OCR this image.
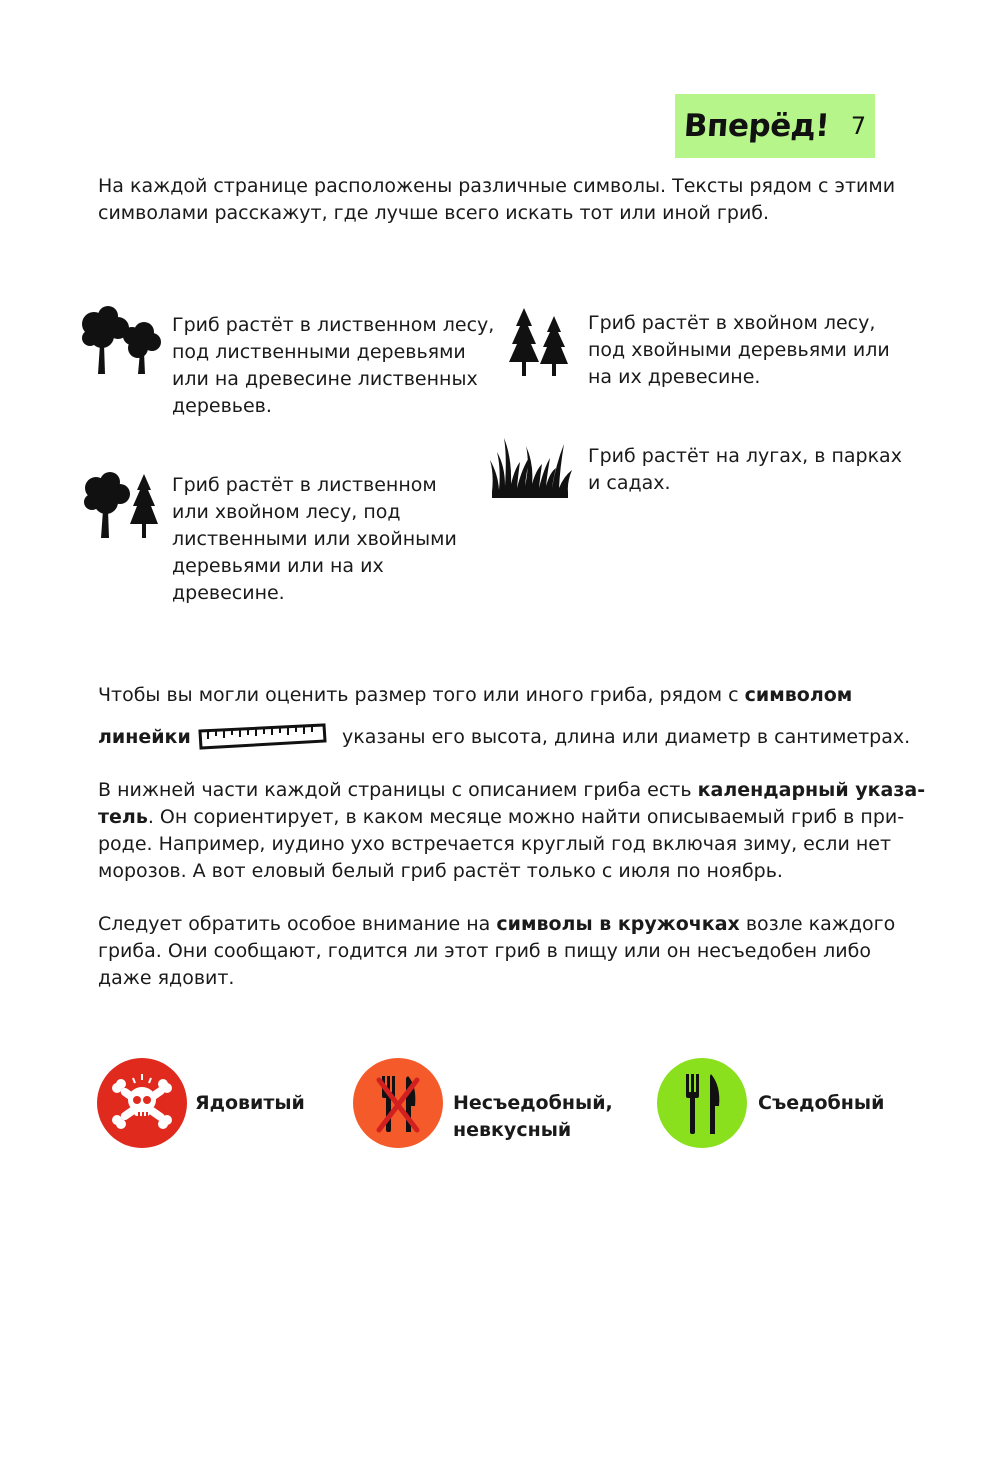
Вперёд! 7
На каждой странице расположены различные символы. Тексты рядом с этими
символами расскажут, где лучше всего искать тот или иной гриб.
Гриб растёт в лиственном лесу,
под лиственными деревьями
или на древесине лиственных
деревьев.
Гриб растёт в хвойном лесу,
под хвойными деревьями или
на их древесине.
Гриб растёт на лугах, в парках
и садах.
Гриб растёт в лиственном
или хвойном лесу, под
лиственными или хвойными
деревьями или на их
древесине.
Чтобы вы могли оценить размер того или иного гриба, рядом с символом
линейки	указаны его высота, длина или диаметр в сантиметрах.
В нижней части каждой страницы с описанием гриба есть календарный указа-
тель. Он сориентирует, в каком месяце можно найти описываемый гриб в при-
роде. Например, иудино ухо встречается круглый год включая зиму, если нет
морозов. А вот еловый белый гриб растёт только с июля по ноябрь.
Следует обратить особое внимание на символы в кружочках возле каждого
гриба. Они сообщают, годится ли этот гриб в пищу или он несъедобен либо
даже ядовит.
Ядовитый	Несъедобный,
невкусный
Съедобный
